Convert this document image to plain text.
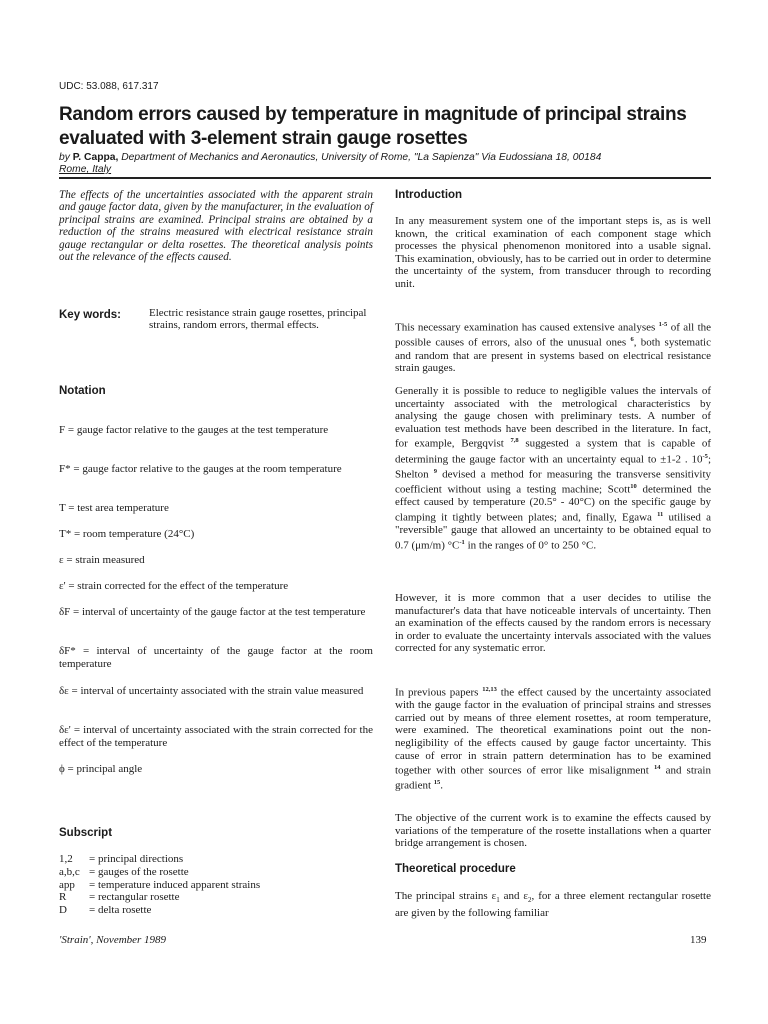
UDC: 53.088, 617.317
Random errors caused by temperature in magnitude of principal strains
evaluated with 3-element strain gauge rosettes
by P. Cappa, Department of Mechanics and Aeronautics, University of Rome, "La Sapienza" Via Eudossiana 18, 00184
Rome, Italy

The effects of the uncertainties associated with the apparent strain and gauge factor data, given by the manufacturer, in the evaluation of principal strains are examined. Principal strains are obtained by a reduction of the strains measured with electrical resistance strain gauge rectangular or delta rosettes. The theoretical analysis points out the relevance of the effects caused.

Key words:	Electric resistance strain gauge rosettes, principal strains, random errors, thermal effects.
Notation

F = gauge factor relative to the gauges at the test temperature

F* = gauge factor relative to the gauges at the room temperature

T = test area temperature

T* = room temperature (24°C)

ε = strain measured

ε' = strain corrected for the effect of the temperature

δF = interval of uncertainty of the gauge factor at the test temperature

δF* = interval of uncertainty of the gauge factor at the room temperature

δε = interval of uncertainty associated with the strain value measured

δε' = interval of uncertainty associated with the strain corrected for the effect of the temperature

ϕ = principal angle

Subscript
1,2	= principal directions
a,b,c = gauges of the rosette
app	= temperature induced apparent strains
R	= rectangular rosette
D	= delta rosette
Introduction

In any measurement system one of the important steps is, as is well known, the critical examination of each component stage which processes the physical phenomenon monitored into a usable signal. This examination, obviously, has to be carried out in order to determine the uncertainty of the system, from transducer through to recording unit.

This necessary examination has caused extensive analyses $^{1-5}$ of all the possible causes of errors, also of the unusual ones $^6$, both systematic and random that are present in systems based on electrical resistance strain gauges.

Generally it is possible to reduce to negligible values the intervals of uncertainty associated with the metrological characteristics by analysing the gauge chosen with preliminary tests. A number of evaluation test methods have been described in the literature. In fact, for example, Bergqvist $^{7,8}$ suggested a system that is capable of determining the gauge factor with an uncertainty equal to ±1-2 . $10^{-5}$; Shelton $^9$ devised a method for measuring the transverse sensitivity coefficient without using a testing machine; Scott$^{10}$ determined the effect caused by temperature (20.5° - 40°C) on the specific gauge by clamping it tightly between plates; and, finally, Egawa $^{11}$ utilised a "reversible" gauge that allowed an uncertainty to be obtained equal to 0.7 (μm/m) $^\circ C^{-1}$ in the ranges of 0° to 250 °C.

However, it is more common that a user decides to utilise the manufacturer's data that have noticeable intervals of uncertainty. Then an examination of the effects caused by the random errors is necessary in order to evaluate the uncertainty intervals associated with the values corrected for any systematic error.

In previous papers $^{12,13}$ the effect caused by the uncertainty associated with the gauge factor in the evaluation of principal strains and stresses carried out by means of three element rosettes, at room temperature, were examined. The theoretical examinations point out the non-negligibility of the effects caused by gauge factor uncertainty. This cause of error in strain pattern determination has to be examined together with other sources of error like misalignment $^{14}$ and strain gradient $^{15}$.

The objective of the current work is to examine the effects caused by variations of the temperature of the rosette installations when a quarter bridge arrangement is chosen.

Theoretical procedure

The principal strains $\varepsilon_1$ and $\varepsilon_2$, for a three element rectangular rosette are given by the following familiar

'Strain', November 1989	139
